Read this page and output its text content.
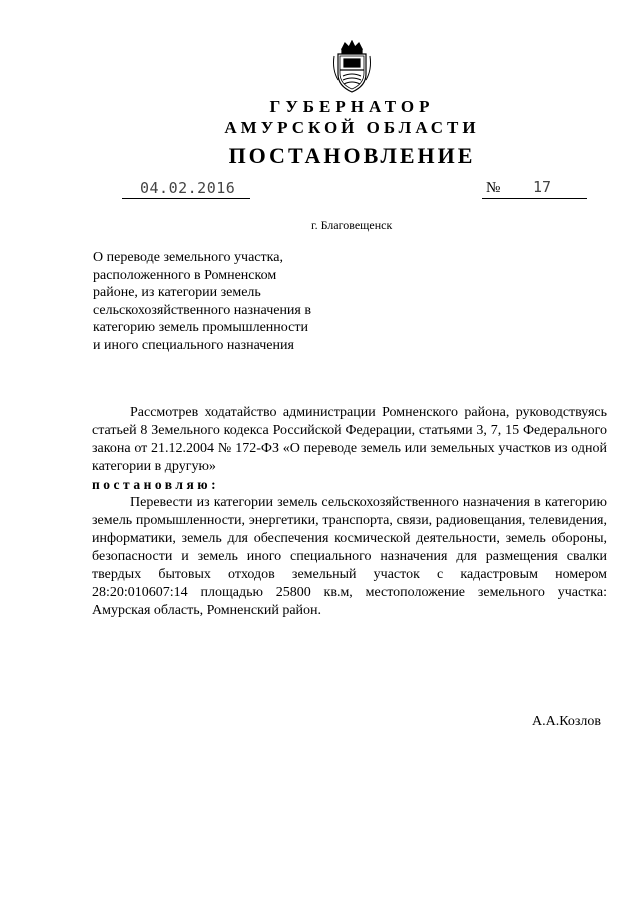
ГУБЕРНАТОР
АМУРСКОЙ ОБЛАСТИ
ПОСТАНОВЛЕНИЕ
04.02.2016	№ 17
г. Благовещенск
О переводе земельного участка,
расположенного в Ромненском
районе, из категории земель
сельскохозяйственного назначения в
категорию земель промышленности
и иного специального назначения

Рассмотрев ходатайство администрации Ромненского района, руководствуясь статьей 8 Земельного кодекса Российской Федерации, статьями 3, 7, 15 Федерального закона от 21.12.2004 № 172-ФЗ «О переводе земель или земельных участков из одной категории в другую»

постановляю:

Перевести из категории земель сельскохозяйственного назначения в категорию земель промышленности, энергетики, транспорта, связи, радиовещания, телевидения, информатики, земель для обеспечения космической деятельности, земель обороны, безопасности и земель иного специального назначения для размещения свалки твердых бытовых отходов земельный участок с кадастровым номером 28:20:010607:14 площадью 25800 кв.м, местоположение земельного участка: Амурская область, Ромненский район.

А.А.Козлов
